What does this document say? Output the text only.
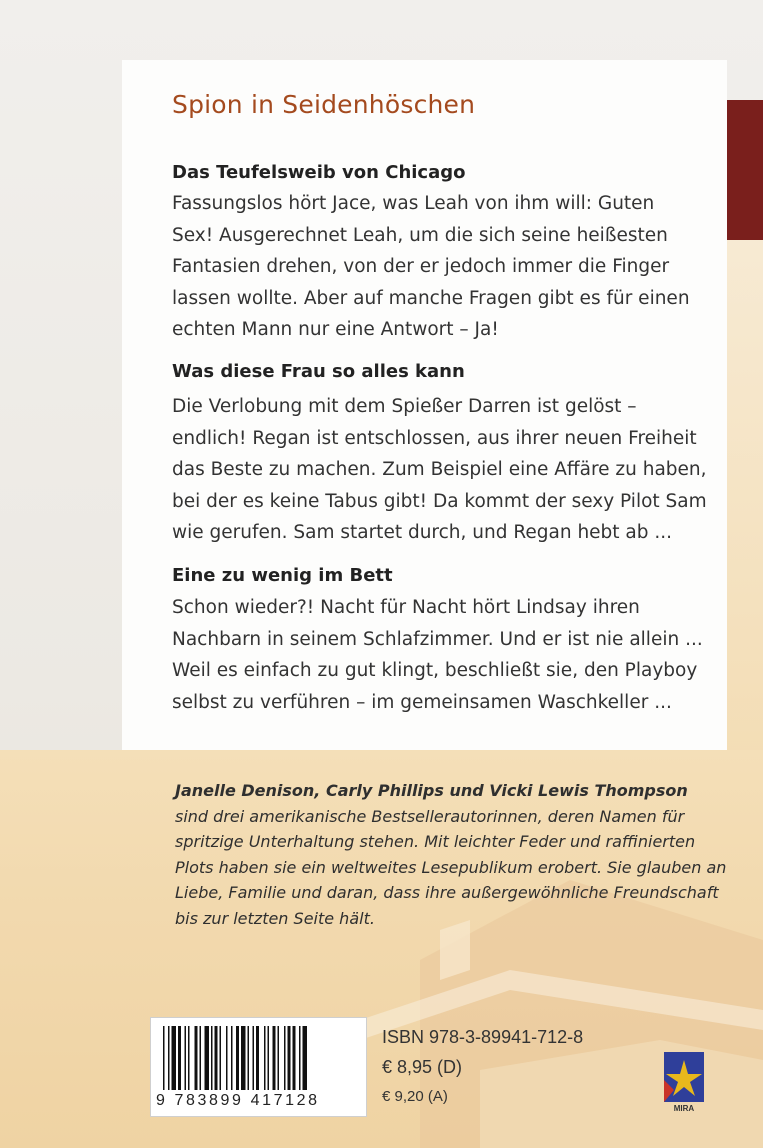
Spion in Seidenhöschen
Das Teufelsweib von Chicago
Fassungslos hört Jace, was Leah von ihm will: Guten
Sex! Ausgerechnet Leah, um die sich seine heißesten
Fantasien drehen, von der er jedoch immer die Finger
lassen wollte. Aber auf manche Fragen gibt es für einen
echten Mann nur eine Antwort – Ja!
Was diese Frau so alles kann
Die Verlobung mit dem Spießer Darren ist gelöst –
endlich! Regan ist entschlossen, aus ihrer neuen Freiheit
das Beste zu machen. Zum Beispiel eine Affäre zu haben,
bei der es keine Tabus gibt! Da kommt der sexy Pilot Sam
wie gerufen. Sam startet durch, und Regan hebt ab ...
Eine zu wenig im Bett
Schon wieder?! Nacht für Nacht hört Lindsay ihren
Nachbarn in seinem Schlafzimmer. Und er ist nie allein ...
Weil es einfach zu gut klingt, beschließt sie, den Playboy
selbst zu verführen – im gemeinsamen Waschkeller ...
Janelle Denison, Carly Phillips und Vicki Lewis Thompson
sind drei amerikanische Bestsellerautorinnen, deren Namen für
spritzige Unterhaltung stehen. Mit leichter Feder und raffinierten
Plots haben sie ein weltweites Lesepublikum erobert. Sie glauben an
Liebe, Familie und daran, dass ihre außergewöhnliche Freundschaft
bis zur letzten Seite hält.
9 783899 417128
ISBN 978-3-89941-712-8
€ 8,95 (D)
€ 9,20 (A)
MIRA
